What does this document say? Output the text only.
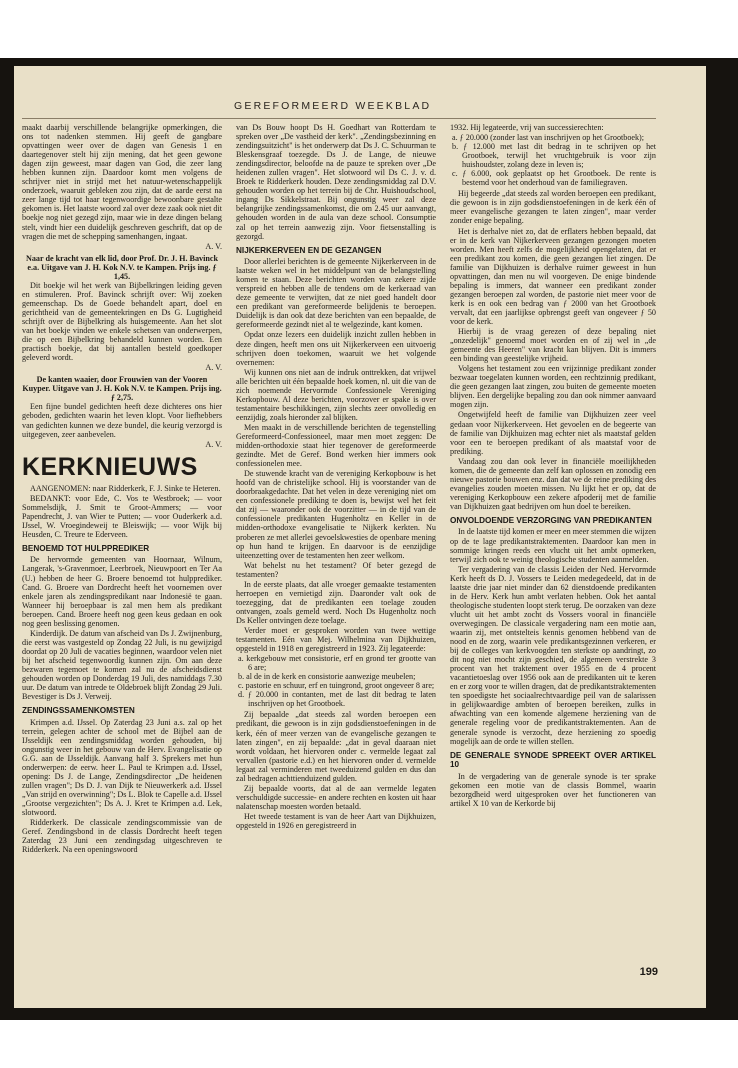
GEREFORMEERD WEEKBLAD

maakt daarbij verschillende belangrijke opmerkingen, die ons tot nadenken stemmen. Hij geeft de gangbare opvattingen weer over de dagen van Genesis 1 en daartegenover stelt hij zijn mening, dat het geen gewone dagen zijn geweest, maar dagen van God, die zeer lang hebben kunnen zijn. Daardoor komt men volgens de schrijver niet in strijd met het natuur-wetenschappelijk onderzoek, waaruit gebleken zou zijn, dat de aarde eerst na zeer lange tijd tot haar tegenwoordige bewoonbare gestalte gekomen is. Het laatste woord zal over deze zaak ook niet dit boekje nog niet gezegd zijn, maar wie in deze dingen belang stelt, vindt hier een duidelijk geschreven geschrift, dat op de vragen die met de schepping samenhangen, ingaat.

A. V.
Naar de kracht van elk lid, door Prof. Dr. J. H. Bavinck e.a. Uitgave van J. H. Kok N.V. te Kampen. Prijs ing. ƒ 1,45.

Dit boekje wil het werk van Bijbelkringen leiding geven en stimuleren. Prof. Bavinck schrijft over: Wij zoeken gemeenschap. Ds de Goede behandelt apart, doel en gerichtheid van de gemeentekringen en Ds G. Lugtigheid schrijft over de Bijbelkring als huisgemeente. Aan het slot van het boekje vinden we enkele schetsen van onderwerpen, die op een Bijbelkring behandeld kunnen worden. Een practisch boekje, dat bij aantallen besteld goedkoper geleverd wordt.

A. V.
De kanten waaier, door Frouwien van der Vooren Kuyper. Uitgave van J. H. Kok N.V. te Kampen. Prijs ing. ƒ 2,75.

Een fijne bundel gedichten heeft deze dichteres ons hier geboden, gedichten waarin het leven klopt. Voor liefhebbers van gedichten kunnen we deze bundel, die keurig verzorgd is uitgegeven, zeer aanbevelen.

A. V.
KERKNIEUWS

AANGENOMEN: naar Ridderkerk, F. J. Sinke te Heteren.

BEDANKT: voor Ede, C. Vos te Westbroek; — voor Sommelsdijk, J. Smit te Groot-Ammers; — voor Papendrecht, J. van Wier te Putten; — voor Ouderkerk a.d. IJssel, W. Vroegindeweij te Bleiswijk; — voor Wijk bij Heusden, C. Treure te Ederveen.

BENOEMD TOT HULPPREDIKER

De hervormde gemeenten van Hoornaar, Wilnum, Langerak, 's-Gravenmoer, Leerbroek, Nieuwpoort en Ter Aa (U.) hebben de heer G. Broere benoemd tot hulpprediker. Cand. G. Broere van Dordrecht heeft het voornemen over enkele jaren als zendingspredikant naar Indonesië te gaan. Wanneer hij beroepbaar is zal men hem als predikant beroepen. Cand. Broere heeft nog geen keus gedaan en ook nog geen beslissing genomen.

Kinderdijk. De datum van afscheid van Ds J. Zwijnenburg, die eerst was vastgesteld op Zondag 22 Juli, is nu gewijzigd doordat op 20 Juli de vacaties beginnen, waardoor velen niet bij het afscheid tegenwoordig kunnen zijn. Om aan deze bezwaren tegemoet te komen zal nu de afscheidsdienst gehouden worden op Donderdag 19 Juli, des namiddags 7.30 uur. De datum van intrede te Oldebroek blijft Zondag 29 Juli. Bevestiger is Ds J. Verweij.

ZENDINGSSAMENKOMSTEN

Krimpen a.d. IJssel. Op Zaterdag 23 Juni a.s. zal op het terrein, gelegen achter de school met de Bijbel aan de IJsseldijk een zendingsmiddag worden gehouden, bij ongunstig weer in het gebouw van de Herv. Evangelisatie op G.G. aan de IJsseldijk. Aanvang half 3. Sprekers met hun onderwerpen: de eerw. heer L. Paul te Krimpen a.d. IJssel, opening: Ds J. de Lange, Zendingsdirector „De heidenen zullen vragen"; Ds D. J. van Dijk te Nieuwerkerk a.d. IJssel „Van strijd en overwinning"; Ds L. Blok te Capelle a.d. IJssel „Grootse vergezichten"; Ds A. J. Kret te Krimpen a.d. Lek, slotwoord.

Ridderkerk. De classicale zendingscommissie van de Geref. Zendingsbond in de classis Dordrecht heeft tegen Zaterdag 23 Juni een zendingsdag uitgeschreven te Ridderkerk. Na een openingswoord

van Ds Bouw hoopt Ds H. Goedhart van Rotterdam te spreken over „De vastheid der kerk". „Zendingsbezinning en zendingsuitzicht" is het onderwerp dat Ds J. C. Schuurman te Bleskensgraaf toezegde. Ds J. de Lange, de nieuwe zendingsdirector, beloofde na de pauze te spreken over „De heidenen zullen vragen". Het slotwoord wil Ds C. J. v. d. Broek te Ridderkerk houden. Deze zendingsmiddag zal D.V. gehouden worden op het terrein bij de Chr. Huishoudschool, ingang Ds Sikkelstraat. Bij ongunstig weer zal deze belangrijke zendingssamenkomst, die om 2.45 uur aanvangt, gehouden worden in de aula van deze school. Consumptie zal op het terrein aanwezig zijn. Voor fietsenstalling is gezorgd.

NIJKERKERVEEN EN DE GEZANGEN

Door allerlei berichten is de gemeente Nijkerkerveen in de laatste weken wel in het middelpunt van de belangstelling komen te staan. Deze berichten worden van zekere zijde verspreid en hebben alle de tendens om de kerkeraad van deze gemeente te verwijten, dat ze niet goed handelt door een predikant van gereformeerde belijdenis te beroepen. Duidelijk is dan ook dat deze berichten van een bepaalde, de gereformeerde gezindt niet al te welgezinde, kant komen.

Opdat onze lezers een duidelijk inzicht zullen hebben in deze dingen, heeft men ons uit Nijkerkerveen een uitvoerig schrijven doen toekomen, waaruit we het volgende overnemen:

Wij kunnen ons niet aan de indruk onttrekken, dat vrijwel alle berichten uit één bepaalde hoek komen, nl. uit die van de zich noemende Hervormde Confessionele Vereniging Kerkopbouw. Al deze berichten, voorzover er spake is over testamentaire beschikkingen, zijn slechts zeer onvolledig en eenzijdig, zoals hieronder zal blijken.

Men maakt in de verschillende berichten de tegenstelling Gereformeerd-Confessioneel, maar men moet zeggen: De midden-orthodoxie staat hier tegenover de gereformeerde gezindte. Met de Geref. Bond werken hier immers ook confessionelen mee.

De stuwende kracht van de vereniging Kerkopbouw is het hoofd van de christelijke school. Hij is voorstander van de doorbraakgedachte. Dat het velen in deze vereniging niet om een confessionele prediking te doen is, bewijst wel het feit dat zij — waaronder ook de voorzitter — in de tijd van de confessionele predikanten Hugenholtz en Keller in de midden-orthodoxe evangelisatie te Nijkerk kerkten. Nu proberen ze met allerlei gevoelskwesties de openbare mening op hun hand te krijgen. En daarvoor is de eenzijdige uiteenzetting over de testamenten hen zeer welkom.

Wat behelst nu het testament? Of beter gezegd de testamenten?

In de eerste plaats, dat alle vroeger gemaakte testamenten herroepen en vernietigd zijn. Daaronder valt ook de toezegging, dat de predikanten een toelage zouden ontvangen, zoals gemeld werd. Noch Ds Hugenholtz noch Ds Keller ontvingen deze toelage.

Verder moet er gesproken worden van twee wettige testamenten. Eén van Mej. Wilhelmina van Dijkhuizen, opgesteld in 1918 en geregistreerd in 1923. Zij legateerde:

a. kerkgebouw met consistorie, erf en grond ter grootte van 6 are;
b. al de in de kerk en consistorie aanwezige meubelen;
c. pastorie en schuur, erf en tuingrond, groot ongeveer 8 are;
d. ƒ 20.000 in contanten, met de last dit bedrag te laten inschrijven op het Grootboek.

Zij bepaalde „dat steeds zal worden beroepen een predikant, die gewoon is in zijn godsdienstoefeningen in de kerk, één of meer verzen van de evangelische gezangen te laten zingen", en zij bepaalde: „dat in geval daaraan niet wordt voldaan, het hiervoren onder c. vermelde legaat zal vervallen (pastorie e.d.) en het hiervoren onder d. vermelde legaat zal verminderen met tweeduizend gulden en dus dan zal bedragen achttienduizend gulden.

Zij bepaalde voorts, dat al de aan vermelde legaten verschuldigde successie- en andere rechten en kosten uit haar nalatenschap moesten worden betaald.

Het tweede testament is van de heer Aart van Dijkhuizen, opgesteld in 1926 en geregistreerd in

1932. Hij legateerde, vrij van successierechten:

a. ƒ 20.000 (zonder last van inschrijven op het Grootboek);
b. ƒ 12.000 met last dit bedrag in te schrijven op het Grootboek, terwijl het vruchtgebruik is voor zijn huishoudster, zolang deze in leven is;
c. ƒ 6.000, ook geplaatst op het Grootboek. De rente is bestemd voor het onderhoud van de familiegraven.

Hij begeerde „dat steeds zal worden beroepen een predikant, die gewoon is in zijn godsdienstoefeningen in de kerk één of meer evangelische gezangen te laten zingen", maar verder zonder enige bepaling.

Het is derhalve niet zo, dat de erflaters hebben bepaald, dat er in de kerk van Nijkerkerveen gezangen gezongen moeten worden. Men heeft zelfs de mogelijkheid opengelaten, dat er een predikant zou komen, die geen gezangen liet zingen. De familie van Dijkhuizen is derhalve ruimer geweest in hun opvattingen, dan men nu wil voorgeven. De enige bindende bepaling is immers, dat wanneer een predikant zonder gezangen beroepen zal worden, de pastorie niet meer voor de kerk is en ook een bedrag van ƒ 2000 van het Grootboek vervalt, dat een jaarlijkse opbrengst geeft van ongeveer ƒ 50 voor de kerk.

Hierbij is de vraag gerezen of deze bepaling niet „onzedelijk" genoemd moet worden en of zij wel in „de gemeente des Heeren" van kracht kan blijven. Dit is immers een binding van geestelijke vrijheid.

Volgens het testament zou een vrijzinnige predikant zonder bezwaar toegelaten kunnen worden, een rechtzinnig predikant, die geen gezangen laat zingen, zou buiten de gemeente moeten blijven. Een dergelijke bepaling zou dan ook nimmer aanvaard mogen zijn.

Ongetwijfeld heeft de familie van Dijkhuizen zeer veel gedaan voor Nijkerkerveen. Het gevoelen en de begeerte van de familie van Dijkhuizen mag echter niet als maatstaf gelden voor een te beroepen predikant of als maatstaf voor de prediking.

Vandaag zou dan ook lever in financiële moeilijkheden komen, die de gemeente dan zelf kan oplossen en zonodig een nieuwe pastorie bouwen enz. dan dat we de reine prediking des evangelies zouden moeten missen. Nu lijkt het er op, dat de vereniging Kerkopbouw een zekere afpoderij met de familie van Dijkhuizen gaat bedrijven om hun doel te bereiken.

ONVOLDOENDE VERZORGING VAN PREDIKANTEN

In de laatste tijd komen er meer en meer stemmen die wijzen op de te lage predikantstraktementen. Daardoor kan men in sommige kringen reeds een vlucht uit het ambt opmerken, terwijl zich ook te weinig theologische studenten aanmelden.

Ter vergadering van de classis Leiden der Ned. Hervormde Kerk heeft ds D. J. Vossers te Leiden medegedeeld, dat in de laatste drie jaar niet minder dan 62 dienstdoende predikanten in de Herv. Kerk hun ambt verlaten hebben. Ook het aantal theologische studenten loopt sterk terug. De oorzaken van deze vlucht uit het ambt zocht ds Vossers vooral in financiële overwegingen. De classicale vergadering nam een motie aan, waarin zij, met ontstelteis kennis genomen hebbend van de nood en de zorg, waarin vele predikantsgezinnen verkeren, er bij de colleges van kerkvoogden ten sterkste op aandringt, zo dit nog niet mocht zijn geschied, de algemeen verstrekte 3 procent van het traktement over 1955 en de 4 procent vacantietoeslag over 1956 ook aan de predikanten uit te keren en er zorg voor te willen dragen, dat de predikantstraktementen ten spoedigste het sociaalrechtvaardige peil van de salarissen in gelijkwaardige ambten of beroepen bereiken, zulks in afwachting van een komende algemene herziening van de generale regeling voor de predikantstraktementen. Aan de generale synode is verzocht, deze herziening zo spoedig mogelijk aan de orde te willen stellen.

DE GENERALE SYNODE SPREEKT OVER ARTIKEL 10

In de vergadering van de generale synode is ter sprake gekomen een motie van de classis Bommel, waarin bezorgdheid werd uitgesproken over het functioneren van artikel X 10 van de Kerkorde bij

199
